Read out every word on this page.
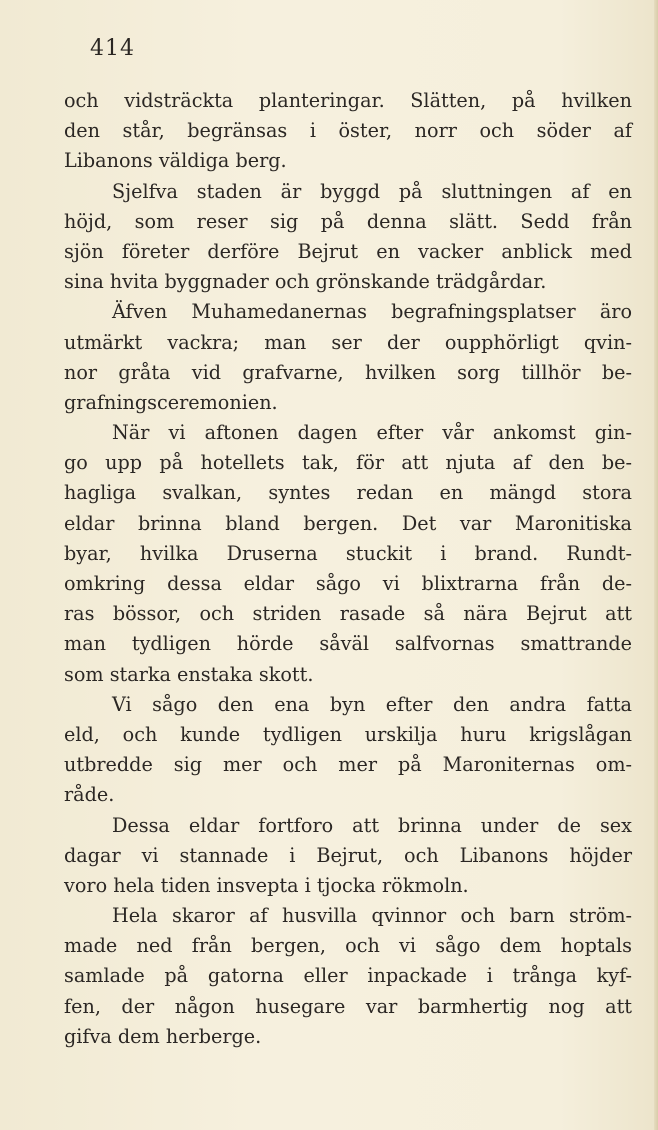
414
och vidsträckta planteringar. Slätten, på hvilken
den står, begränsas i öster, norr och söder af
Libanons väldiga berg.
Sjelfva staden är byggd på sluttningen af en
höjd, som reser sig på denna slätt. Sedd från
sjön företer derföre Bejrut en vacker anblick med
sina hvita byggnader och grönskande trädgårdar.
Äfven Muhamedanernas begrafningsplatser äro
utmärkt vackra; man ser der oupphörligt qvin-
nor gråta vid grafvarne, hvilken sorg tillhör be-
grafningsceremonien.
När vi aftonen dagen efter vår ankomst gin-
go upp på hotellets tak, för att njuta af den be-
hagliga svalkan, syntes redan en mängd stora
eldar brinna bland bergen. Det var Maronitiska
byar, hvilka Druserna stuckit i brand. Rundt-
omkring dessa eldar sågo vi blixtrarna från de-
ras bössor, och striden rasade så nära Bejrut att
man tydligen hörde såväl salfvornas smattrande
som starka enstaka skott.
Vi sågo den ena byn efter den andra fatta
eld, och kunde tydligen urskilja huru krigslågan
utbredde sig mer och mer på Maroniternas om-
råde.
Dessa eldar fortforo att brinna under de sex
dagar vi stannade i Bejrut, och Libanons höjder
voro hela tiden insvepta i tjocka rökmoln.
Hela skaror af husvilla qvinnor och barn ström-
made ned från bergen, och vi sågo dem hoptals
samlade på gatorna eller inpackade i trånga kyf-
fen, der någon husegare var barmhertig nog att
gifva dem herberge.
